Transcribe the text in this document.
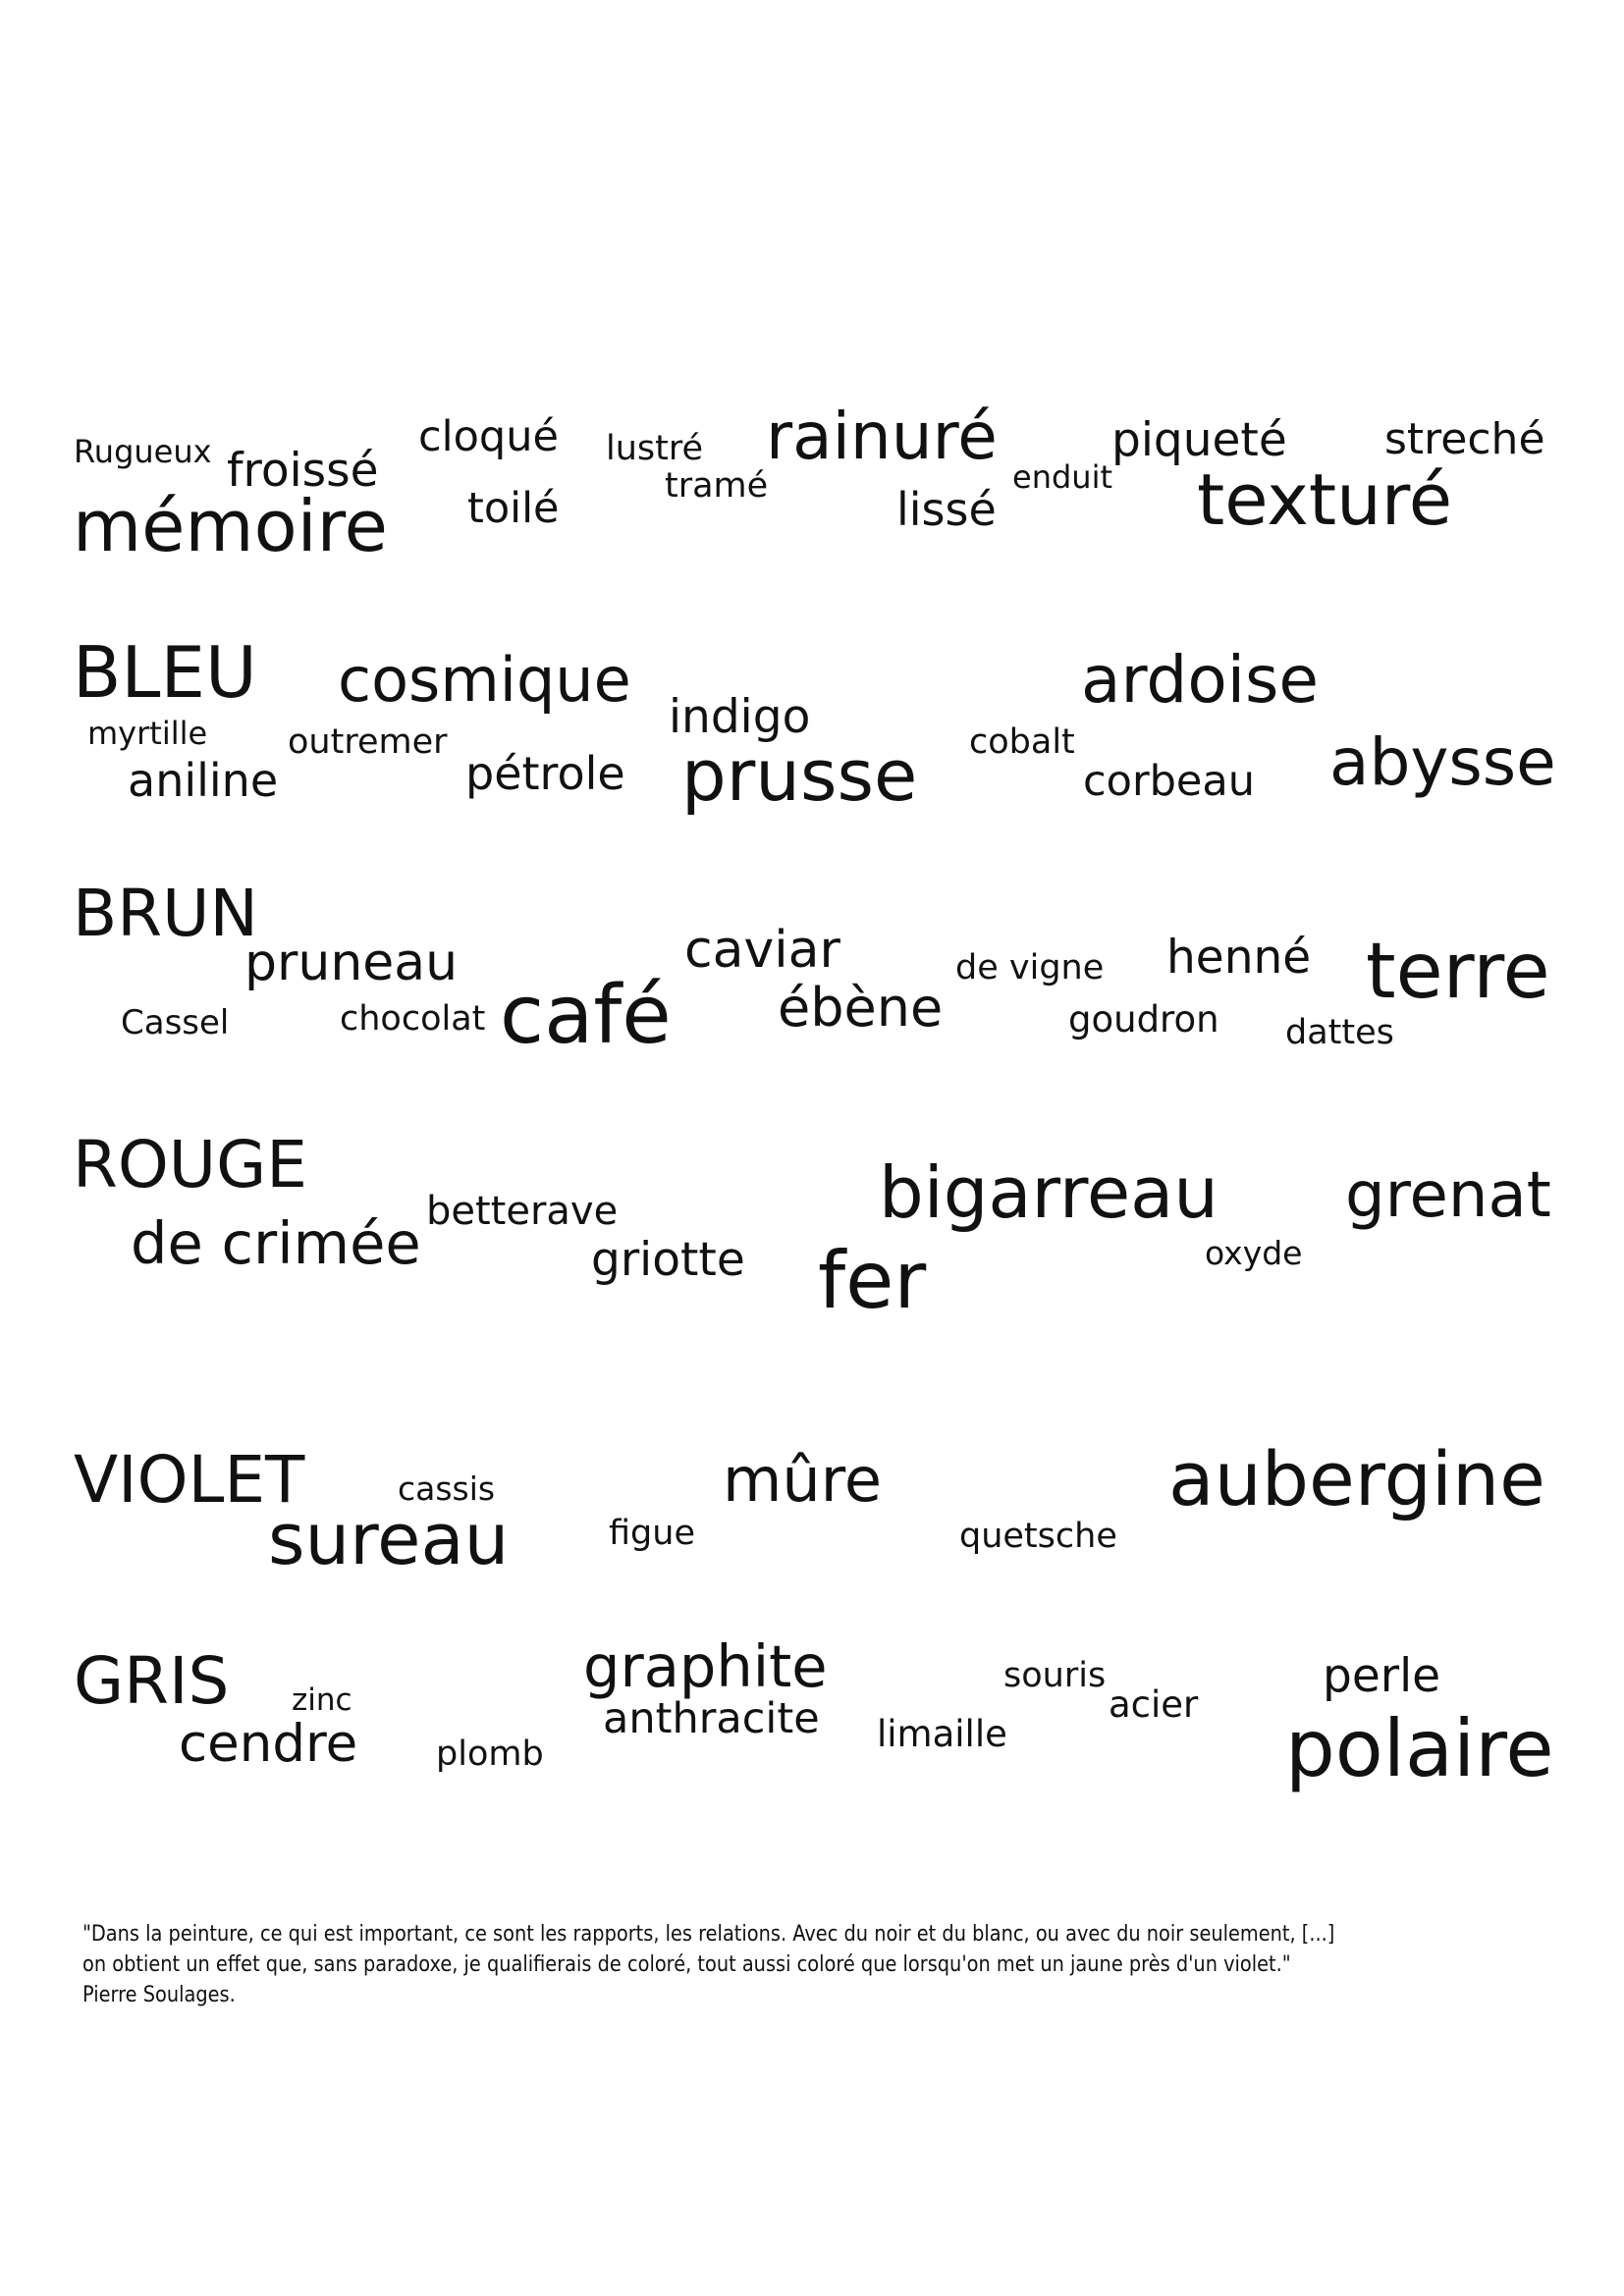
Rugueux froissé
cloqué lustré rainuré
enduit
piqueté streché
mémoire toilé	tramé	lissé	texturé
BLEU cosmique
indigo	ardoise
myrtille outremer	cobalt
aniline	pétrole prusse	corbeau abysse
BRUN
pruneau	caviar	de vigne henné terre
Cassel	chocolat café ébène	goudron dattes
ROUGE
betterave	bigarreau grenat
de crimée	griotte fer	oxyde
VIOLET	cassis	mûre	aubergine
sureau	figue	quetsche
GRIS zinc	graphite	souris	perle
acier
cendre plomb
anthracite limaille	polaire
"Dans la peinture, ce qui est important, ce sont les rapports, les relations. Avec du noir et du blanc, ou avec du noir seulement, [...]
on obtient un effet que, sans paradoxe, je qualifierais de coloré, tout aussi coloré que lorsqu'on met un jaune près d'un violet."
Pierre Soulages.
